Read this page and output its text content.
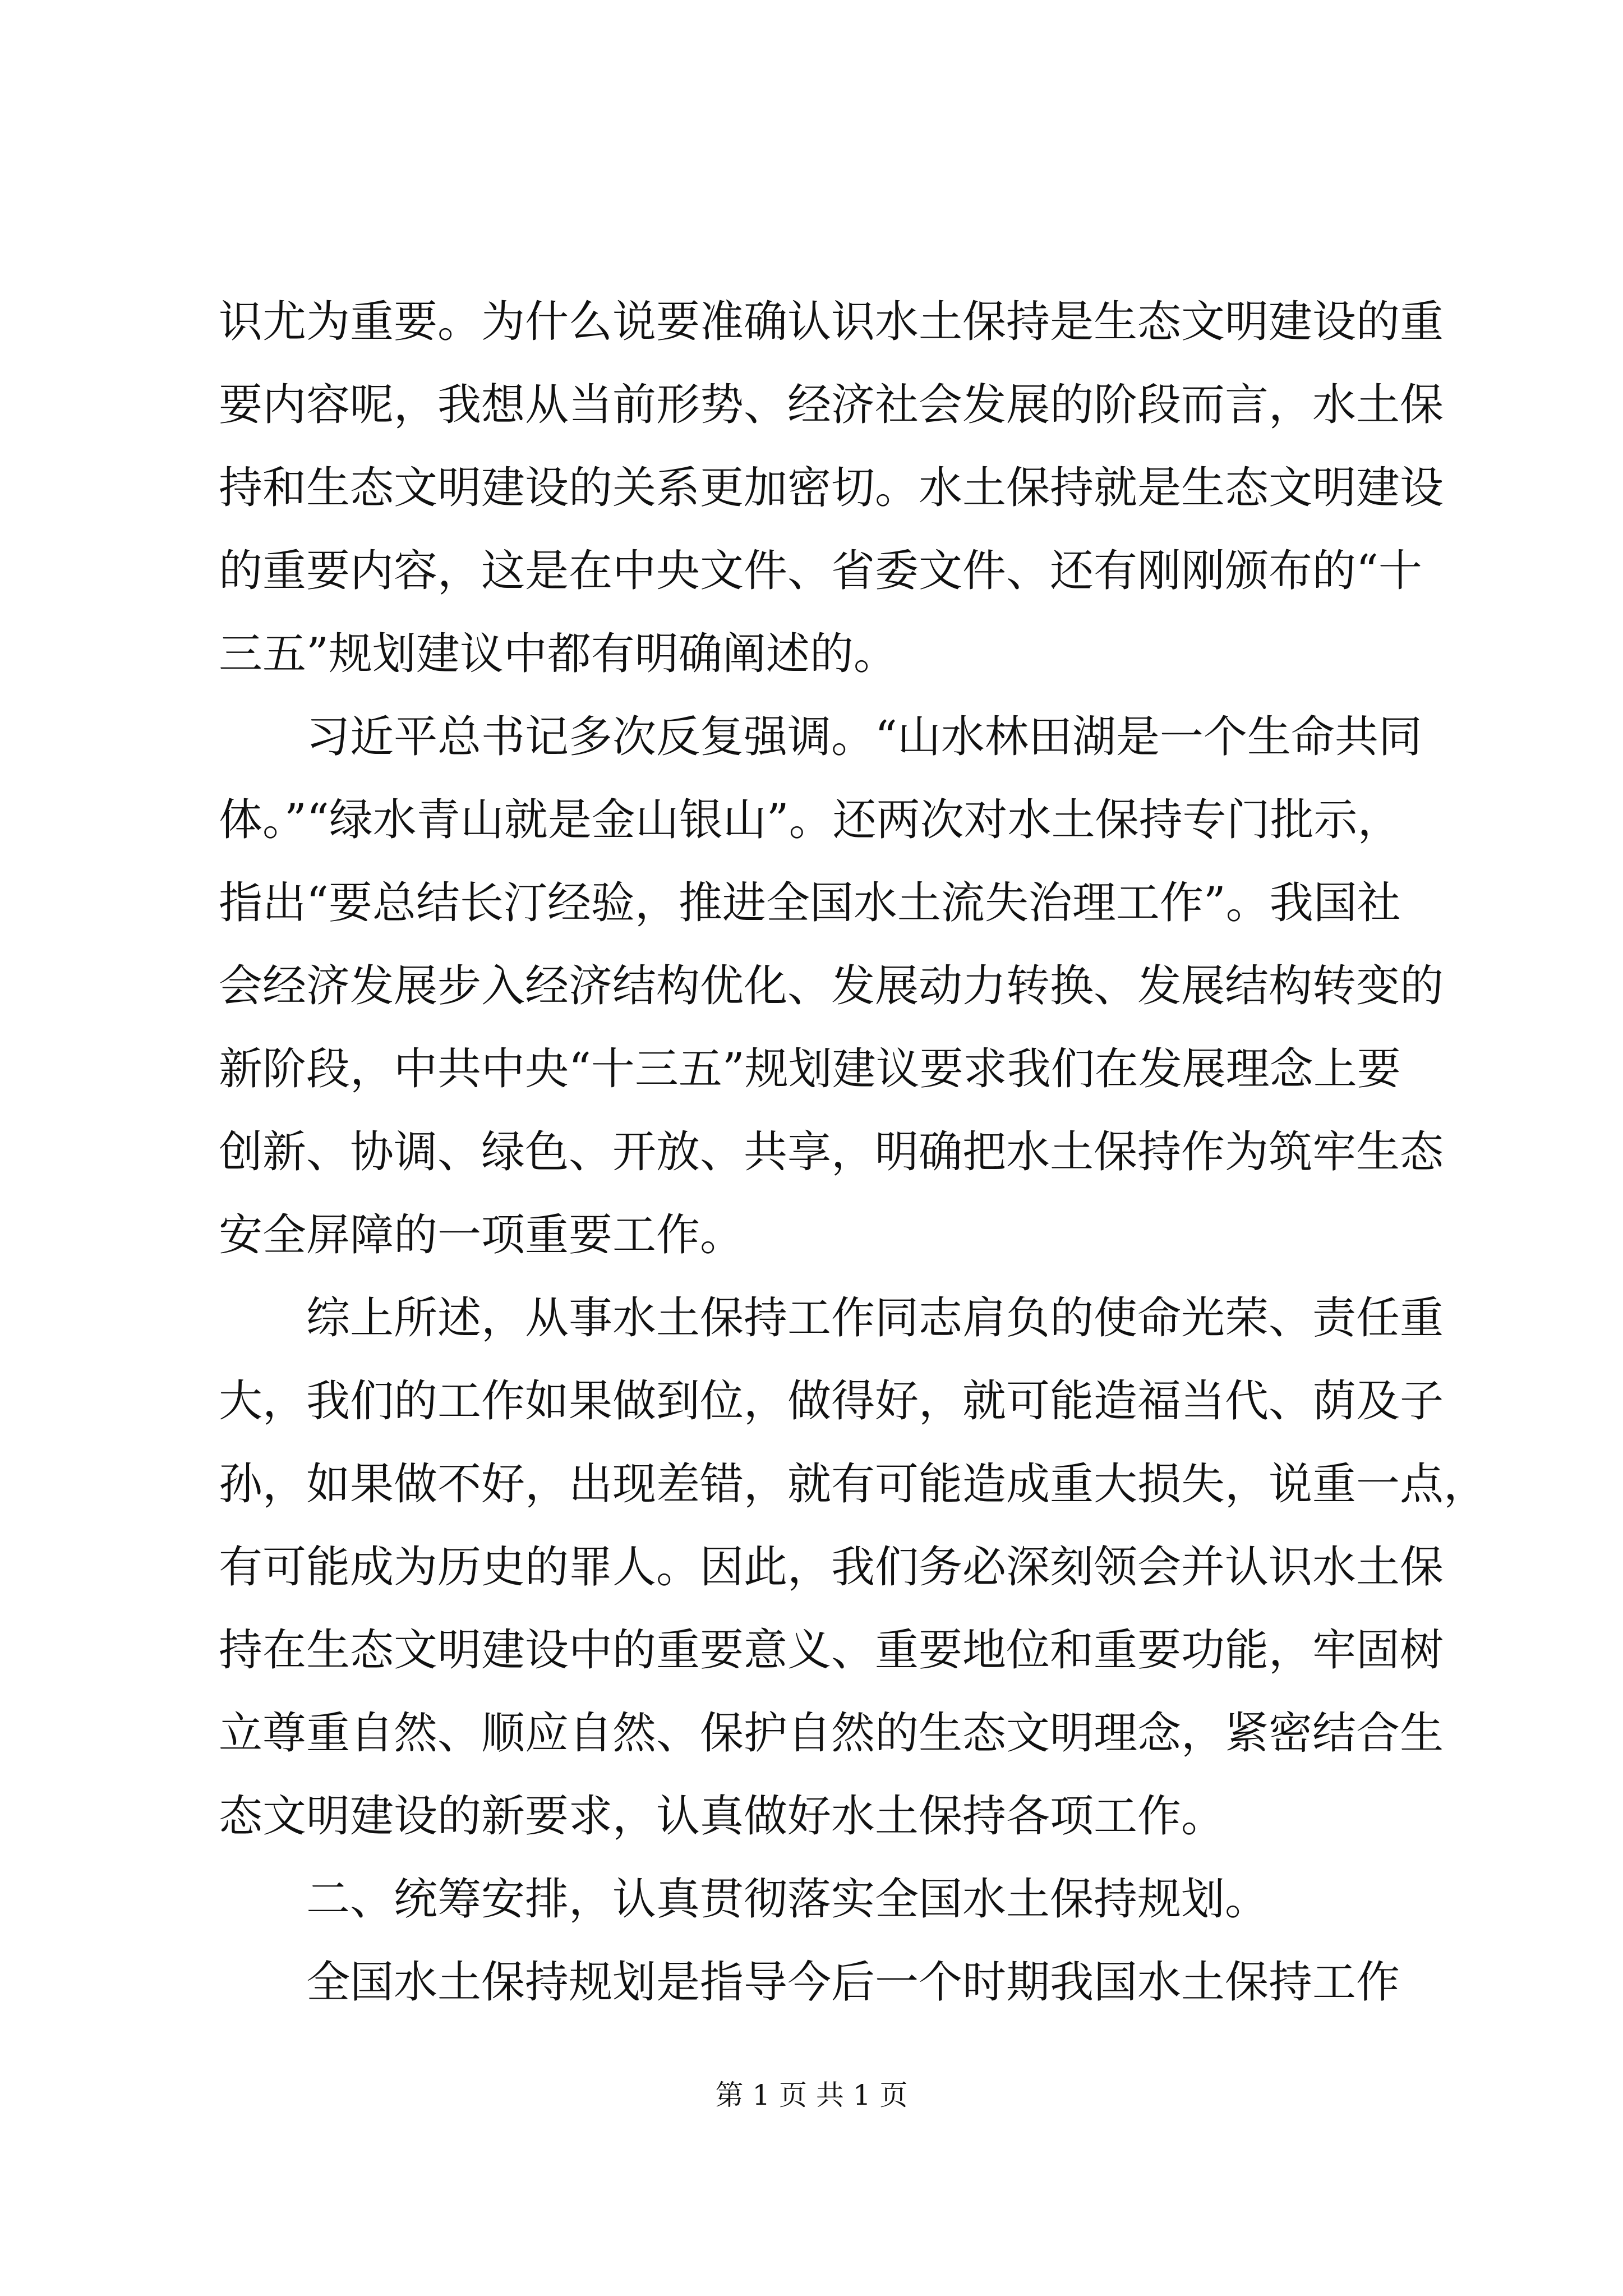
识尤为重要。为什么说要准确认识水土保持是生态文明建设的重
要内容呢，我想从当前形势、经济社会发展的阶段而言，水土保
持和生态文明建设的关系更加密切。水土保持就是生态文明建设
的重要内容，这是在中央文件、省委文件、还有刚刚颁布的“十
三五”规划建议中都有明确阐述的。
　　习近平总书记多次反复强调。“山水林田湖是一个生命共同
体。”“绿水青山就是金山银山”。还两次对水土保持专门批示，
指出“要总结长汀经验，推进全国水土流失治理工作”。我国社
会经济发展步入经济结构优化、发展动力转换、发展结构转变的
新阶段，中共中央“十三五”规划建议要求我们在发展理念上要
创新、协调、绿色、开放、共享，明确把水土保持作为筑牢生态
安全屏障的一项重要工作。
　　综上所述，从事水土保持工作同志肩负的使命光荣、责任重
大，我们的工作如果做到位，做得好，就可能造福当代、荫及子
孙，如果做不好，出现差错，就有可能造成重大损失，说重一点，
有可能成为历史的罪人。因此，我们务必深刻领会并认识水土保
持在生态文明建设中的重要意义、重要地位和重要功能，牢固树
立尊重自然、顺应自然、保护自然的生态文明理念，紧密结合生
态文明建设的新要求，认真做好水土保持各项工作。
　　二、统筹安排，认真贯彻落实全国水土保持规划。
　　全国水土保持规划是指导今后一个时期我国水土保持工作
第 1 页 共 1 页
